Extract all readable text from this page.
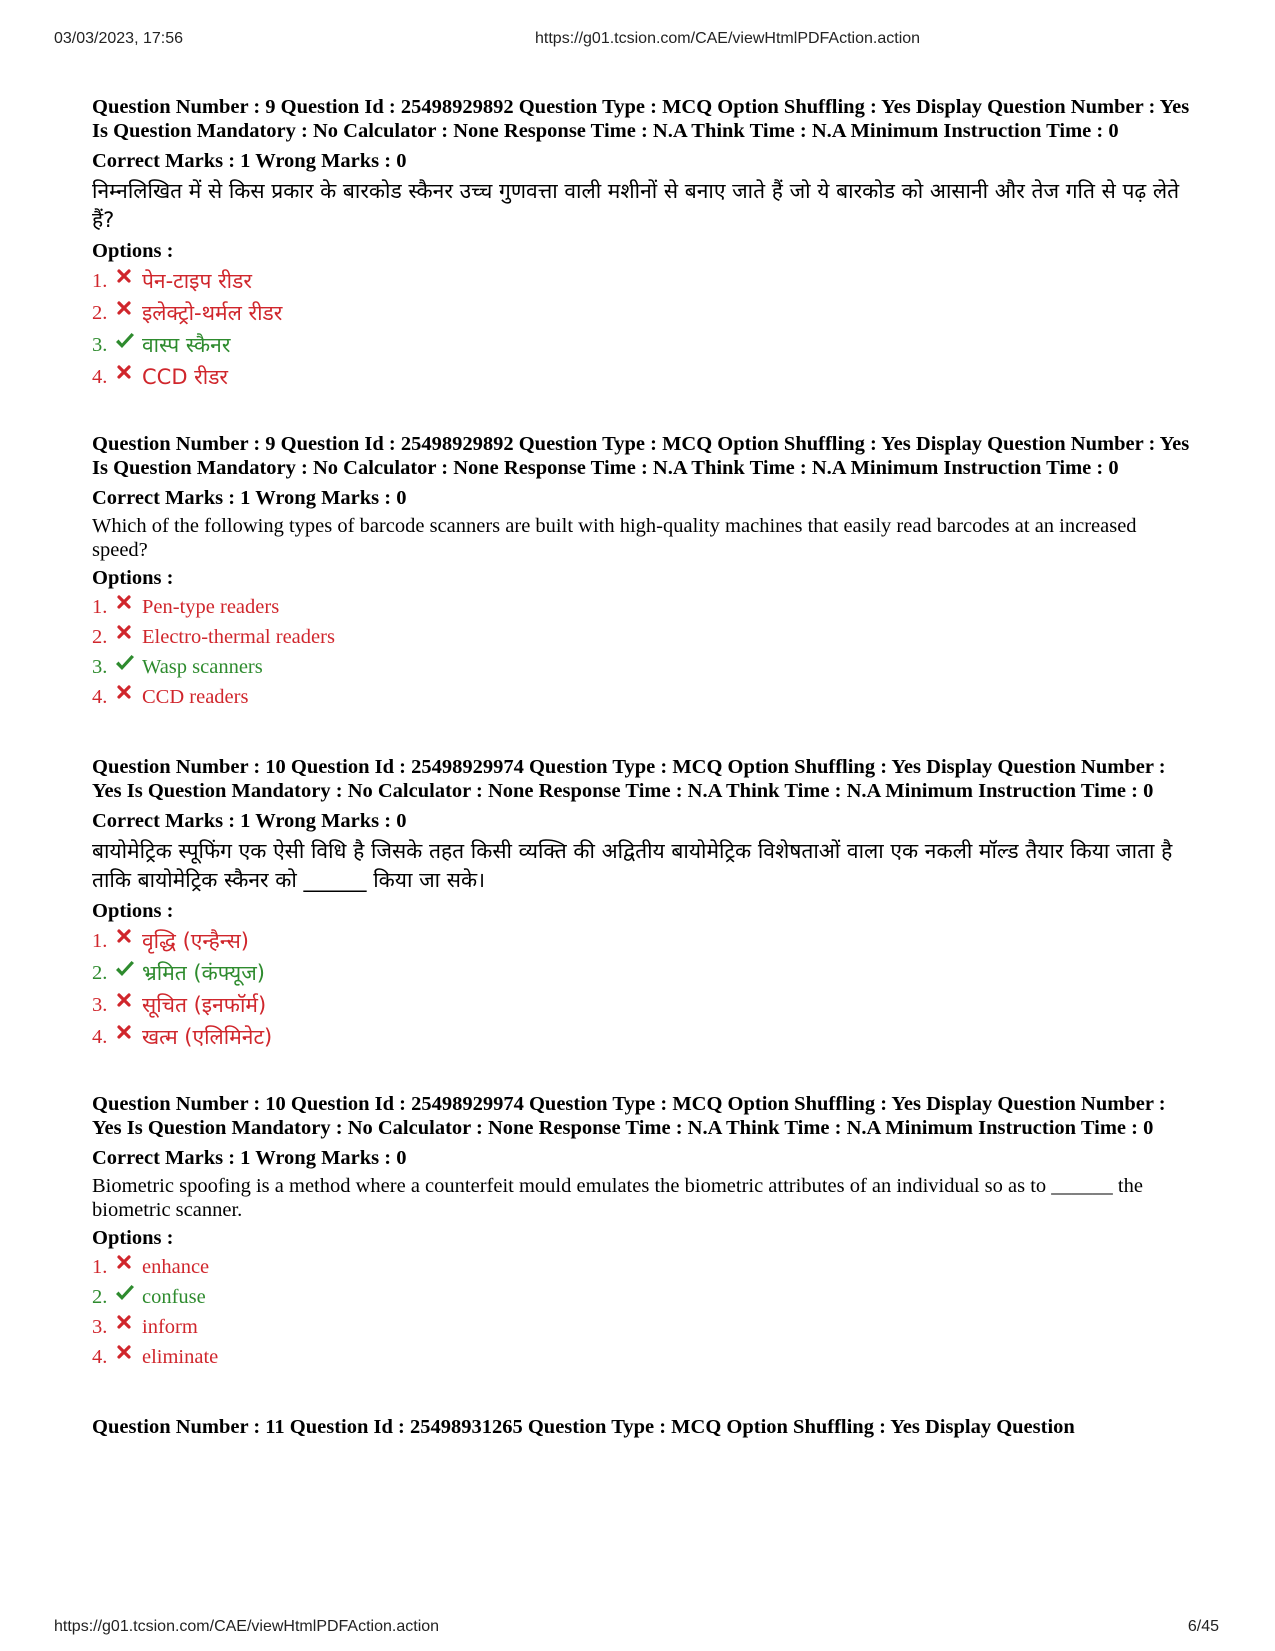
03/03/2023, 17:56	https://g01.tcsion.com/CAE/viewHtmlPDFAction.action

Question Number : 9 Question Id : 25498929892 Question Type : MCQ Option Shuffling : Yes Display Question Number : Yes Is Question Mandatory : No Calculator : None Response Time : N.A Think Time : N.A Minimum Instruction Time : 0

Correct Marks : 1 Wrong Marks : 0

निम्नलिखित में से किस प्रकार के बारकोड स्कैनर उच्च गुणवत्ता वाली मशीनों से बनाए जाते हैं जो ये बारकोड को आसानी और तेज गति से पढ़ लेते हैं?

Options :

1.	पेन-टाइप रीडर
2.	इलेक्ट्रो-थर्मल रीडर
3.	वास्प स्कैनर
4.	CCD रीडर

Question Number : 9 Question Id : 25498929892 Question Type : MCQ Option Shuffling : Yes Display Question Number : Yes Is Question Mandatory : No Calculator : None Response Time : N.A Think Time : N.A Minimum Instruction Time : 0

Correct Marks : 1 Wrong Marks : 0

Which of the following types of barcode scanners are built with high-quality machines that easily read barcodes at an increased speed?

Options :

1.	Pen-type readers
2.	Electro-thermal readers
3.	Wasp scanners
4.	CCD readers

Question Number : 10 Question Id : 25498929974 Question Type : MCQ Option Shuffling : Yes Display Question Number : Yes Is Question Mandatory : No Calculator : None Response Time : N.A Think Time : N.A Minimum Instruction Time : 0

Correct Marks : 1 Wrong Marks : 0

बायोमेट्रिक स्पूफिंग एक ऐसी विधि है जिसके तहत किसी व्यक्ति की अद्वितीय बायोमेट्रिक विशेषताओं वाला एक नकली मॉल्ड तैयार किया जाता है ताकि बायोमेट्रिक स्कैनर को ______ किया जा सके।

Options :

1.	वृद्धि (एन्हैन्स)
2.	भ्रमित (कंफ्यूज)
3.	सूचित (इनफॉर्म)
4.	खत्म (एलिमिनेट)

Question Number : 10 Question Id : 25498929974 Question Type : MCQ Option Shuffling : Yes Display Question Number : Yes Is Question Mandatory : No Calculator : None Response Time : N.A Think Time : N.A Minimum Instruction Time : 0

Correct Marks : 1 Wrong Marks : 0

Biometric spoofing is a method where a counterfeit mould emulates the biometric attributes of an individual so as to ______ the biometric scanner.

Options :

1.	enhance
2.	confuse
3.	inform
4.	eliminate

Question Number : 11 Question Id : 25498931265 Question Type : MCQ Option Shuffling : Yes Display Question

https://g01.tcsion.com/CAE/viewHtmlPDFAction.action	6/45
